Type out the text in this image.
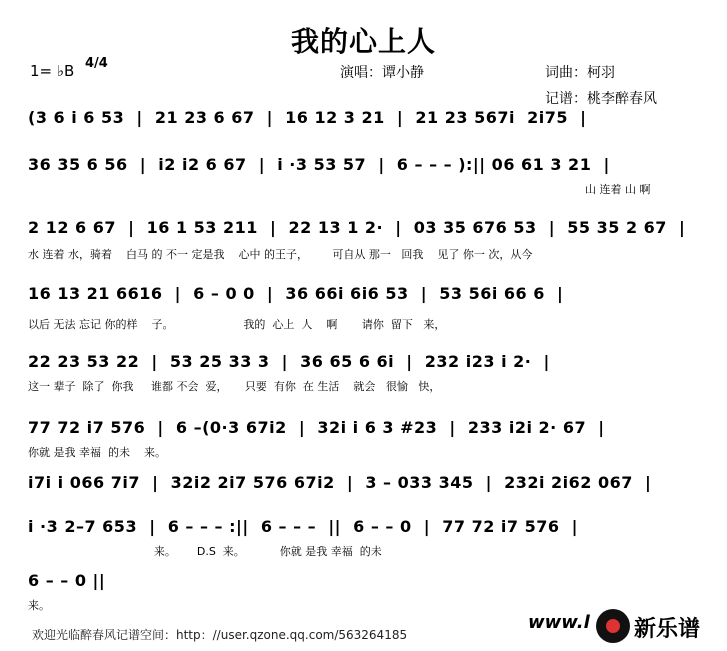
我的心上人
1= ♭B 4/4
演唱：谭小静	词曲：柯羽
记谱：桃李醉春风
(3 6 i 6 53  |  21 23 6 67  |  16 12 3 21  |  21 23 567i  2i75  |
36 35 6 56  |  i2 i2 6 67  |  i ·3 53 57  |  6 – – – ):|| 06 61 3 21  |
山 连着 山 啊
2 12 6 67  |  16 1 53 211  |  22 13 1 2·  |  03 35 676 53  |  55 35 2 67  |
水 连着 水，骑着    白马 的 不一 定是我    心中 的王子，       可自从 那一   回我    见了 你一 次，从今
16 13 21 6616  |  6 – 0 0  |  36 66i 6i6 53  |  53 56i 66 6  |
以后 无法 忘记 你的样    子。                    我的  心上  人    啊       请你  留下   来，
22 23 53 22  |  53 25 33 3  |  36 65 6 6i  |  232 i23 i 2·  |
这一 辈子  除了  你我     谁都 不会  爱，     只要  有你  在 生活    就会   很愉   快，
77 72 i7 576  |  6 –(0·3 67i2  |  32i i 6 3 #23  |  233 i2i 2· 67  |
你就 是我 幸福  的未    来。
i7i i 066 7i7  |  32i2 2i7 576 67i2  |  3 – 033 345  |  232i 2i62 067  |
i ·3 2–7 653  |  6 – – – :||  6 – – –  ||  6 – – 0  |  77 72 i7 576  |
来。      D.S  来。          你就 是我 幸福  的未
6 – – 0 ||
来。
欢迎光临醉春风记谱空间：http：//user.qzone.qq.com/563264185
www.l 新乐谱
